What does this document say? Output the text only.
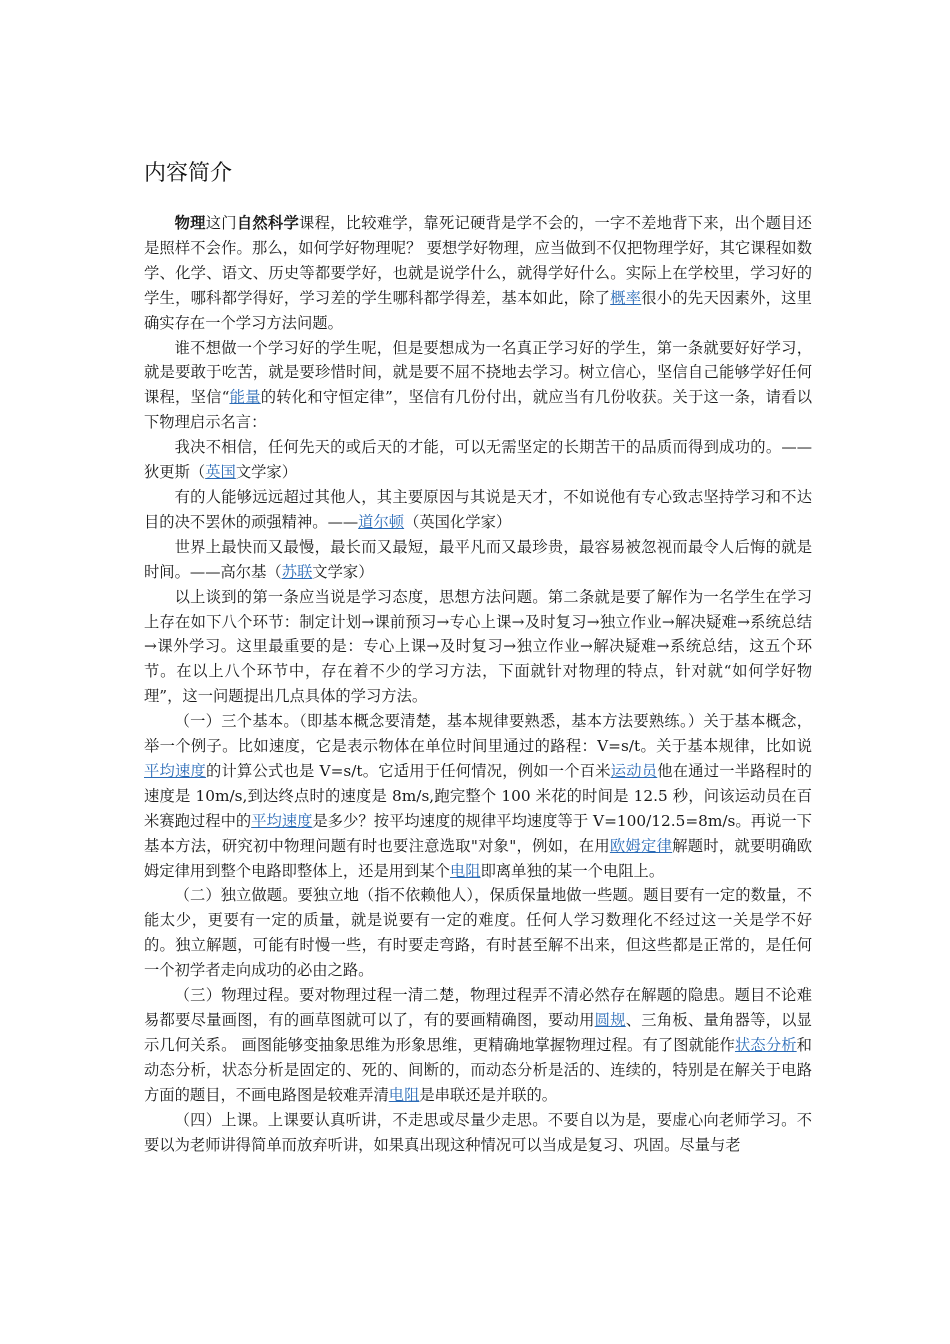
内容简介

物理这门自然科学课程，比较难学，靠死记硬背是学不会的，一字不差地背下来，出个题目还是照样不会作。那么，如何学好物理呢？ 要想学好物理，应当做到不仅把物理学好，其它课程如数学、化学、语文、历史等都要学好，也就是说学什么，就得学好什么。实际上在学校里，学习好的学生，哪科都学得好，学习差的学生哪科都学得差，基本如此，除了概率很小的先天因素外，这里确实存在一个学习方法问题。

谁不想做一个学习好的学生呢，但是要想成为一名真正学习好的学生，第一条就要好好学习，就是要敢于吃苦，就是要珍惜时间，就是要不屈不挠地去学习。树立信心，坚信自己能够学好任何课程，坚信“能量的转化和守恒定律”，坚信有几份付出，就应当有几份收获。关于这一条，请看以下物理启示名言：

我决不相信，任何先天的或后天的才能，可以无需坚定的长期苦干的品质而得到成功的。——狄更斯（英国文学家）

有的人能够远远超过其他人，其主要原因与其说是天才，不如说他有专心致志坚持学习和不达目的决不罢休的顽强精神。——道尔顿（英国化学家）

世界上最快而又最慢，最长而又最短，最平凡而又最珍贵，最容易被忽视而最令人后悔的就是时间。——高尔基（苏联文学家）

以上谈到的第一条应当说是学习态度，思想方法问题。第二条就是要了解作为一名学生在学习上存在如下八个环节：制定计划→课前预习→专心上课→及时复习→独立作业→解决疑难→系统总结→课外学习。这里最重要的是：专心上课→及时复习→独立作业→解决疑难→系统总结，这五个环节。在以上八个环节中，存在着不少的学习方法，下面就针对物理的特点，针对就“如何学好物理”，这一问题提出几点具体的学习方法。

（一）三个基本。（即基本概念要清楚，基本规律要熟悉，基本方法要熟练。）关于基本概念，举一个例子。比如速度，它是表示物体在单位时间里通过的路程：V=s/t。关于基本规律，比如说平均速度的计算公式也是 V=s/t。它适用于任何情况，例如一个百米运动员他在通过一半路程时的速度是 10m/s,到达终点时的速度是 8m/s,跑完整个 100 米花的时间是 12.5 秒，问该运动员在百米赛跑过程中的平均速度是多少？按平均速度的规律平均速度等于 V=100/12.5=8m/s。再说一下基本方法，研究初中物理问题有时也要注意选取"对象"，例如，在用欧姆定律解题时，就要明确欧姆定律用到整个电路即整体上，还是用到某个电阻即离单独的某一个电阻上。

（二）独立做题。要独立地（指不依赖他人），保质保量地做一些题。题目要有一定的数量，不能太少，更要有一定的质量，就是说要有一定的难度。任何人学习数理化不经过这一关是学不好的。独立解题，可能有时慢一些，有时要走弯路，有时甚至解不出来，但这些都是正常的，是任何一个初学者走向成功的必由之路。

（三）物理过程。要对物理过程一清二楚，物理过程弄不清必然存在解题的隐患。题目不论难易都要尽量画图，有的画草图就可以了，有的要画精确图，要动用圆规、三角板、量角器等，以显示几何关系。 画图能够变抽象思维为形象思维，更精确地掌握物理过程。有了图就能作状态分析和动态分析，状态分析是固定的、死的、间断的，而动态分析是活的、连续的，特别是在解关于电路方面的题目，不画电路图是较难弄清电阻是串联还是并联的。

（四）上课。上课要认真听讲，不走思或尽量少走思。不要自以为是，要虚心向老师学习。不要以为老师讲得简单而放弃听讲，如果真出现这种情况可以当成是复习、巩固。尽量与老
